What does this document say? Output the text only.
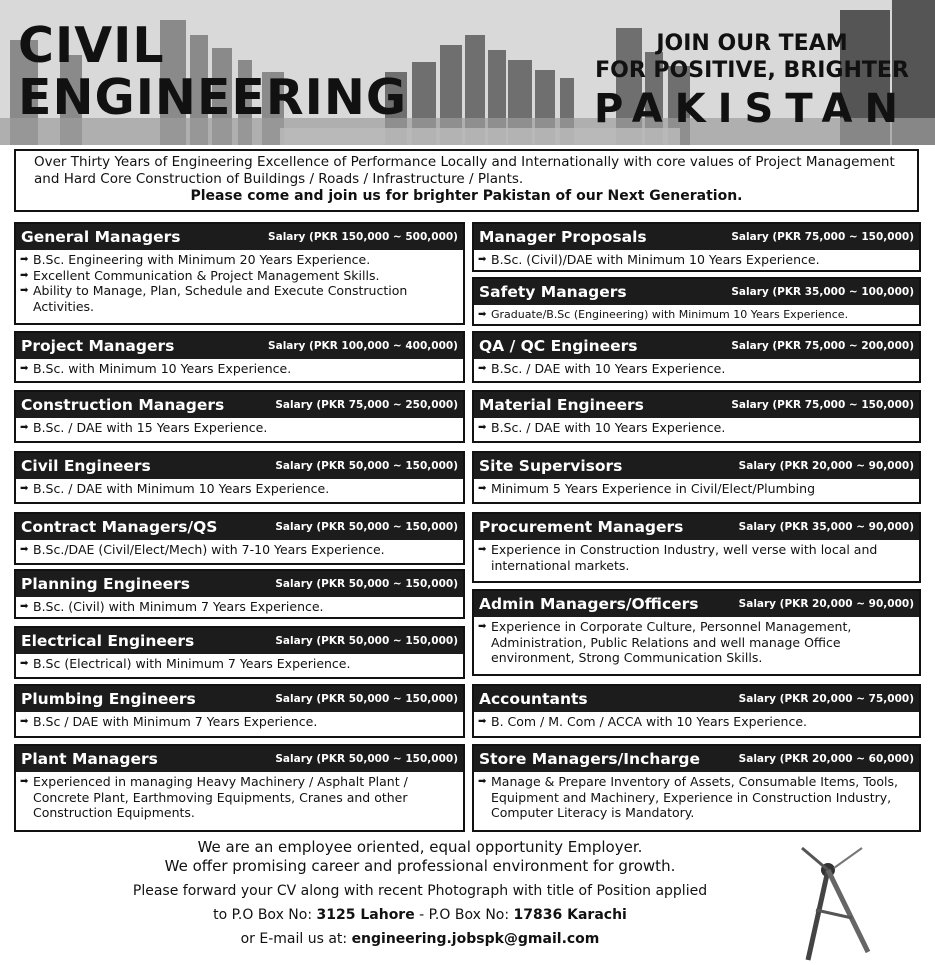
CIVIL
ENGINEERING
JOIN OUR TEAM
FOR POSITIVE, BRIGHTER
PAKISTAN
Over Thirty Years of Engineering Excellence of Performance Locally and Internationally with core values of Project Management and Hard Core Construction of Buildings / Roads / Infrastructure / Plants.
Please come and join us for brighter Pakistan of our Next Generation.
General Managers	Salary (PKR 150,000 ~ 500,000)
➡ B.Sc. Engineering with Minimum 20 Years Experience.
➡ Excellent Communication & Project Management Skills.
➡ Ability to Manage, Plan, Schedule and Execute Construction Activities.
Project Managers	Salary (PKR 100,000 ~ 400,000)
➡ B.Sc. with Minimum 10 Years Experience.
Construction Managers	Salary (PKR 75,000 ~ 250,000)
➡ B.Sc. / DAE with 15 Years Experience.
Civil Engineers	Salary (PKR 50,000 ~ 150,000)
➡ B.Sc. / DAE with Minimum 10 Years Experience.
Contract Managers/QS	Salary (PKR 50,000 ~ 150,000)
➡ B.Sc./DAE (Civil/Elect/Mech) with 7-10 Years Experience.
Planning Engineers	Salary (PKR 50,000 ~ 150,000)
➡ B.Sc. (Civil) with Minimum 7 Years Experience.
Electrical Engineers	Salary (PKR 50,000 ~ 150,000)
➡ B.Sc (Electrical) with Minimum 7 Years Experience.
Plumbing Engineers	Salary (PKR 50,000 ~ 150,000)
➡ B.Sc / DAE with Minimum 7 Years Experience.
Plant Managers	Salary (PKR 50,000 ~ 150,000)
➡ Experienced in managing Heavy Machinery / Asphalt Plant / Concrete Plant, Earthmoving Equipments, Cranes and other Construction Equipments.
Manager Proposals	Salary (PKR 75,000 ~ 150,000)
➡ B.Sc. (Civil)/DAE with Minimum 10 Years Experience.
Safety Managers	Salary (PKR 35,000 ~ 100,000)
➡ Graduate/B.Sc (Engineering) with Minimum 10 Years Experience.
QA / QC Engineers	Salary (PKR 75,000 ~ 200,000)
➡ B.Sc. / DAE with 10 Years Experience.
Material Engineers	Salary (PKR 75,000 ~ 150,000)
➡ B.Sc. / DAE with 10 Years Experience.
Site Supervisors	Salary (PKR 20,000 ~ 90,000)
➡ Minimum 5 Years Experience in Civil/Elect/Plumbing
Procurement Managers	Salary (PKR 35,000 ~ 90,000)
➡ Experience in Construction Industry, well verse with local and international markets.
Admin Managers/Officers	Salary (PKR 20,000 ~ 90,000)
➡ Experience in Corporate Culture, Personnel Management, Administration, Public Relations and well manage Office environment, Strong Communication Skills.
Accountants	Salary (PKR 20,000 ~ 75,000)
➡ B. Com / M. Com / ACCA with 10 Years Experience.
Store Managers/Incharge	Salary (PKR 20,000 ~ 60,000)
➡ Manage & Prepare Inventory of Assets, Consumable Items, Tools, Equipment and Machinery, Experience in Construction Industry, Computer Literacy is Mandatory.
We are an employee oriented, equal opportunity Employer.
We offer promising career and professional environment for growth.
Please forward your CV along with recent Photograph with title of Position applied
to P.O Box No: 3125 Lahore - P.O Box No: 17836 Karachi
or E-mail us at: engineering.jobspk@gmail.com
